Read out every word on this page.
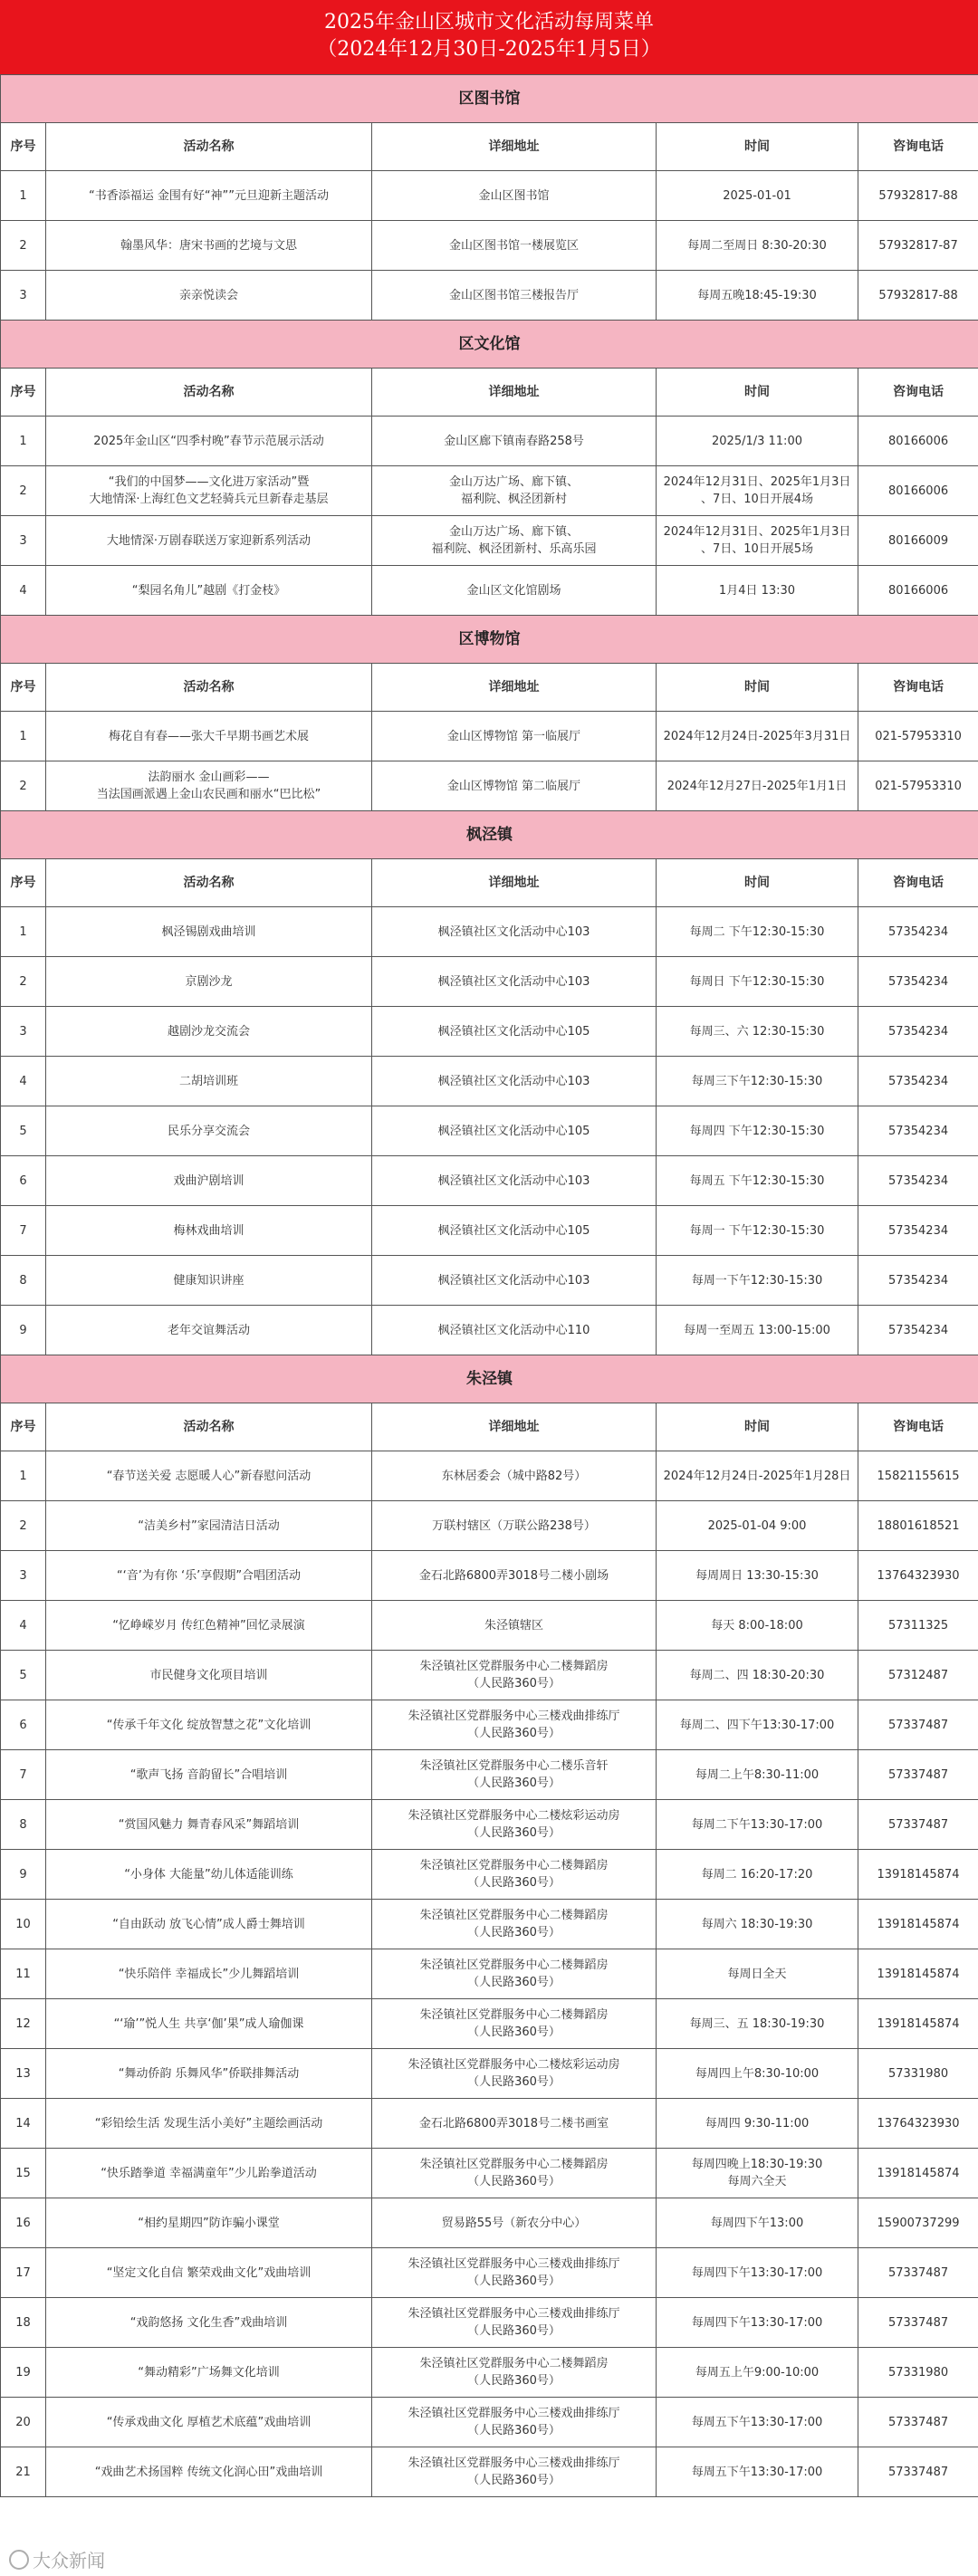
2025年金山区城市文化活动每周菜单
（2024年12月30日-2025年1月5日）
区图书馆				
序号	活动名称	详细地址	时间	咨询电话
1	“书香添福运 金围有好“神””元旦迎新主题活动	金山区图书馆	2025-01-01	57932817-88
2	翰墨风华：唐宋书画的艺境与文思	金山区图书馆一楼展览区	每周二至周日 8:30-20:30	57932817-87
3	亲亲悦读会	金山区图书馆三楼报告厅	每周五晚18:45-19:30	57932817-88
区文化馆				
序号	活动名称	详细地址	时间	咨询电话
1	2025年金山区“四季村晚”春节示范展示活动	金山区廊下镇南春路258号	2025/1/3 11:00	80166006
2	“我们的中国梦——文化进万家活动”暨
大地情深·上海红色文艺轻骑兵元旦新春走基层	金山万达广场、廊下镇、
福利院、枫泾团新村	2024年12月31日、2025年1月3日
、7日、10日开展4场	80166006
3	大地情深·万剧春联送万家迎新系列活动	金山万达广场、廊下镇、
福利院、枫泾团新村、乐高乐园	2024年12月31日、2025年1月3日
、7日、10日开展5场	80166009
4	“梨园名角儿”越剧《打金枝》	金山区文化馆剧场	1月4日 13:30	80166006
区博物馆				
序号	活动名称	详细地址	时间	咨询电话
1	梅花自有春——张大千早期书画艺术展	金山区博物馆 第一临展厅	2024年12月24日-2025年3月31日	021-57953310
2	法韵丽水 金山画彩——
当法国画派遇上金山农民画和丽水“巴比松”	金山区博物馆 第二临展厅	2024年12月27日-2025年1月1日	021-57953310
枫泾镇				
序号	活动名称	详细地址	时间	咨询电话
1	枫泾锡剧戏曲培训	枫泾镇社区文化活动中心103	每周二 下午12:30-15:30	57354234
2	京剧沙龙	枫泾镇社区文化活动中心103	每周日 下午12:30-15:30	57354234
3	越剧沙龙交流会	枫泾镇社区文化活动中心105	每周三、六 12:30-15:30	57354234
4	二胡培训班	枫泾镇社区文化活动中心103	每周三下午12:30-15:30	57354234
5	民乐分享交流会	枫泾镇社区文化活动中心105	每周四 下午12:30-15:30	57354234
6	戏曲沪剧培训	枫泾镇社区文化活动中心103	每周五 下午12:30-15:30	57354234
7	梅林戏曲培训	枫泾镇社区文化活动中心105	每周一 下午12:30-15:30	57354234
8	健康知识讲座	枫泾镇社区文化活动中心103	每周一下午12:30-15:30	57354234
9	老年交谊舞活动	枫泾镇社区文化活动中心110	每周一至周五 13:00-15:00	57354234
朱泾镇				
序号	活动名称	详细地址	时间	咨询电话
1	“春节送关爱 志愿暖人心”新春慰问活动	东林居委会（城中路82号）	2024年12月24日-2025年1月28日	15821155615
2	“洁美乡村”家园清洁日活动	万联村辖区（万联公路238号）	2025-01-04 9:00	18801618521
3	“‘音’为有你 ‘乐’享假期”合唱团活动	金石北路6800弄3018号二楼小剧场	每周周日 13:30-15:30	13764323930
4	“忆峥嵘岁月 传红色精神”回忆录展演	朱泾镇辖区	每天 8:00-18:00	57311325
5	市民健身文化项目培训	朱泾镇社区党群服务中心二楼舞蹈房
（人民路360号）	每周二、四 18:30-20:30	57312487
6	“传承千年文化 绽放智慧之花”文化培训	朱泾镇社区党群服务中心三楼戏曲排练厅
（人民路360号）	每周二、四下午13:30-17:00	57337487
7	“歌声飞扬 音韵留长”合唱培训	朱泾镇社区党群服务中心二楼乐音轩
（人民路360号）	每周二上午8:30-11:00	57337487
8	“赏国风魅力 舞青春风采”舞蹈培训	朱泾镇社区党群服务中心二楼炫彩运动房
（人民路360号）	每周二下午13:30-17:00	57337487
9	“小身体 大能量”幼儿体适能训练	朱泾镇社区党群服务中心二楼舞蹈房
（人民路360号）	每周二 16:20-17:20	13918145874
10	“自由跃动 放飞心情”成人爵士舞培训	朱泾镇社区党群服务中心二楼舞蹈房
（人民路360号）	每周六 18:30-19:30	13918145874
11	“快乐陪伴 幸福成长”少儿舞蹈培训	朱泾镇社区党群服务中心二楼舞蹈房
（人民路360号）	每周日全天	13918145874
12	“‘瑜’”悦人生 共享‘伽’果”成人瑜伽课	朱泾镇社区党群服务中心二楼舞蹈房
（人民路360号）	每周三、五 18:30-19:30	13918145874
13	“舞动侨韵 乐舞风华”侨联排舞活动	朱泾镇社区党群服务中心二楼炫彩运动房
（人民路360号）	每周四上午8:30-10:00	57331980
14	“彩铅绘生活 发现生活小美好”主题绘画活动	金石北路6800弄3018号二楼书画室	每周四 9:30-11:00	13764323930
15	“快乐踏拳道 幸福满童年”少儿跆拳道活动	朱泾镇社区党群服务中心二楼舞蹈房
（人民路360号）	每周四晚上18:30-19:30
每周六全天	13918145874
16	“相约星期四”防诈骗小课堂	贸易路55号（新农分中心）	每周四下午13:00	15900737299
17	“坚定文化自信 繁荣戏曲文化”戏曲培训	朱泾镇社区党群服务中心三楼戏曲排练厅
（人民路360号）	每周四下午13:30-17:00	57337487
18	“戏韵悠扬 文化生香”戏曲培训	朱泾镇社区党群服务中心三楼戏曲排练厅
（人民路360号）	每周四下午13:30-17:00	57337487
19	“舞动精彩”广场舞文化培训	朱泾镇社区党群服务中心二楼舞蹈房
（人民路360号）	每周五上午9:00-10:00	57331980
20	“传承戏曲文化 厚植艺术底蕴”戏曲培训	朱泾镇社区党群服务中心三楼戏曲排练厅
（人民路360号）	每周五下午13:30-17:00	57337487
21	“戏曲艺术扬国粹 传统文化润心田”戏曲培训	朱泾镇社区党群服务中心三楼戏曲排练厅
（人民路360号）	每周五下午13:30-17:00	57337487
大众新闻
